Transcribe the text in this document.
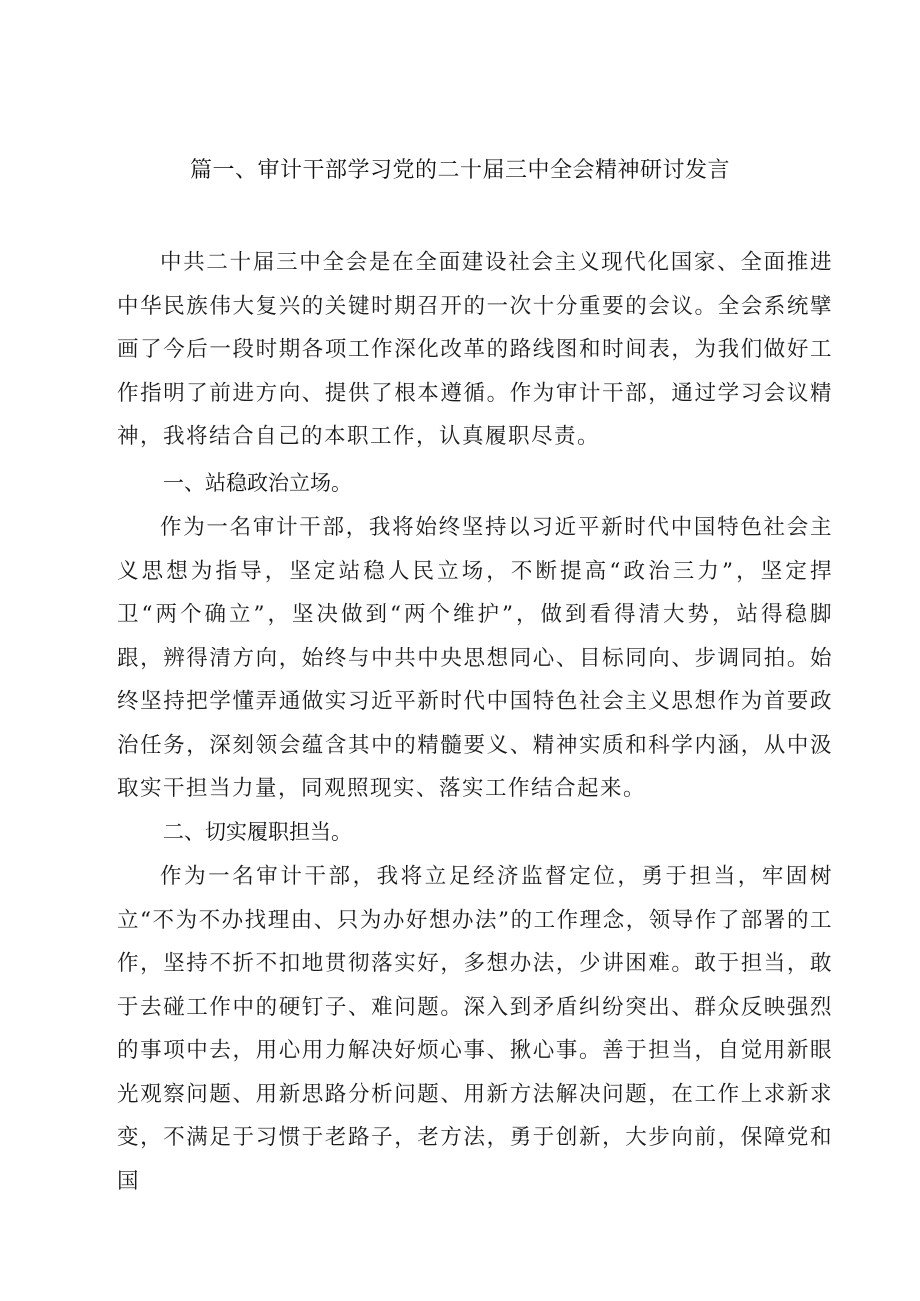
篇一、审计干部学习党的二十届三中全会精神研讨发言

中共二十届三中全会是在全面建设社会主义现代化国家、全面推进中华民族伟大复兴的关键时期召开的一次十分重要的会议。全会系统擘画了今后一段时期各项工作深化改革的路线图和时间表，为我们做好工作指明了前进方向、提供了根本遵循。作为审计干部，通过学习会议精神，我将结合自己的本职工作，认真履职尽责。

一、站稳政治立场。

作为一名审计干部，我将始终坚持以习近平新时代中国特色社会主义思想为指导，坚定站稳人民立场，不断提高“政治三力”，坚定捍卫“两个确立”，坚决做到“两个维护”，做到看得清大势，站得稳脚跟，辨得清方向，始终与中共中央思想同心、目标同向、步调同拍。始终坚持把学懂弄通做实习近平新时代中国特色社会主义思想作为首要政治任务，深刻领会蕴含其中的精髓要义、精神实质和科学内涵，从中汲取实干担当力量，同观照现实、落实工作结合起来。

二、切实履职担当。

作为一名审计干部，我将立足经济监督定位，勇于担当，牢固树立“不为不办找理由、只为办好想办法”的工作理念，领导作了部署的工作，坚持不折不扣地贯彻落实好，多想办法，少讲困难。敢于担当，敢于去碰工作中的硬钉子、难问题。深入到矛盾纠纷突出、群众反映强烈的事项中去，用心用力解决好烦心事、揪心事。善于担当，自觉用新眼光观察问题、用新思路分析问题、用新方法解决问题，在工作上求新求变，不满足于习惯于老路子，老方法，勇于创新，大步向前，保障党和国
